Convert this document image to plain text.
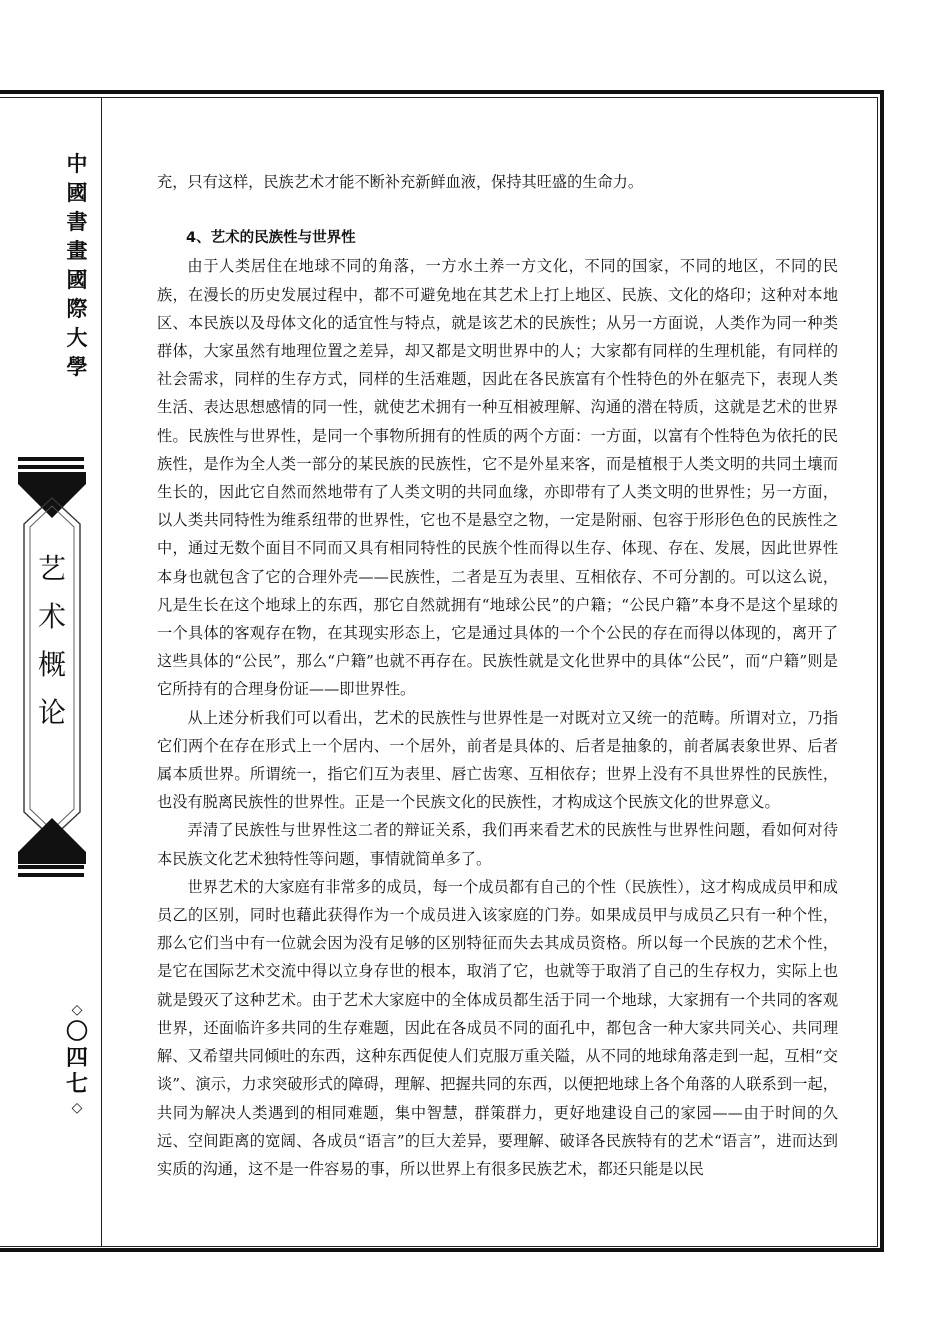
中
國
書
畫
國
際
大
學
艺
术
概
论
◇
〇
四
七
◇

充，只有这样，民族艺术才能不断补充新鲜血液，保持其旺盛的生命力。

4、艺术的民族性与世界性

由于人类居住在地球不同的角落，一方水土养一方文化，不同的国家，不同的地区，不同的民族，在漫长的历史发展过程中，都不可避免地在其艺术上打上地区、民族、文化的烙印；这种对本地区、本民族以及母体文化的适宜性与特点，就是该艺术的民族性；从另一方面说，人类作为同一种类群体，大家虽然有地理位置之差异，却又都是文明世界中的人；大家都有同样的生理机能，有同样的社会需求，同样的生存方式，同样的生活难题，因此在各民族富有个性特色的外在躯壳下，表现人类生活、表达思想感情的同一性，就使艺术拥有一种互相被理解、沟通的潜在特质，这就是艺术的世界性。民族性与世界性，是同一个事物所拥有的性质的两个方面：一方面，以富有个性特色为依托的民族性，是作为全人类一部分的某民族的民族性，它不是外星来客，而是植根于人类文明的共同土壤而生长的，因此它自然而然地带有了人类文明的共同血缘，亦即带有了人类文明的世界性；另一方面，以人类共同特性为维系纽带的世界性，它也不是悬空之物，一定是附丽、包容于形形色色的民族性之中，通过无数个面目不同而又具有相同特性的民族个性而得以生存、体现、存在、发展，因此世界性本身也就包含了它的合理外壳——民族性，二者是互为表里、互相依存、不可分割的。可以这么说，凡是生长在这个地球上的东西，那它自然就拥有“地球公民”的户籍；“公民户籍”本身不是这个星球的一个具体的客观存在物，在其现实形态上，它是通过具体的一个个公民的存在而得以体现的，离开了这些具体的“公民”，那么“户籍”也就不再存在。民族性就是文化世界中的具体“公民”，而“户籍”则是它所持有的合理身份证——即世界性。

从上述分析我们可以看出，艺术的民族性与世界性是一对既对立又统一的范畴。所谓对立，乃指它们两个在存在形式上一个居内、一个居外，前者是具体的、后者是抽象的，前者属表象世界、后者属本质世界。所谓统一，指它们互为表里、唇亡齿寒、互相依存；世界上没有不具世界性的民族性，也没有脱离民族性的世界性。正是一个民族文化的民族性，才构成这个民族文化的世界意义。

弄清了民族性与世界性这二者的辩证关系，我们再来看艺术的民族性与世界性问题，看如何对待本民族文化艺术独特性等问题，事情就简单多了。

世界艺术的大家庭有非常多的成员，每一个成员都有自己的个性（民族性），这才构成成员甲和成员乙的区别，同时也藉此获得作为一个成员进入该家庭的门券。如果成员甲与成员乙只有一种个性，那么它们当中有一位就会因为没有足够的区别特征而失去其成员资格。所以每一个民族的艺术个性，是它在国际艺术交流中得以立身存世的根本，取消了它，也就等于取消了自己的生存权力，实际上也就是毁灭了这种艺术。由于艺术大家庭中的全体成员都生活于同一个地球，大家拥有一个共同的客观世界，还面临许多共同的生存难题，因此在各成员不同的面孔中，都包含一种大家共同关心、共同理解、又希望共同倾吐的东西，这种东西促使人们克服万重关隘，从不同的地球角落走到一起，互相“交谈”、演示，力求突破形式的障碍，理解、把握共同的东西，以便把地球上各个角落的人联系到一起，共同为解决人类遇到的相同难题，集中智慧，群策群力，更好地建设自己的家园——由于时间的久远、空间距离的宽阔、各成员“语言”的巨大差异，要理解、破译各民族特有的艺术“语言”，进而达到实质的沟通，这不是一件容易的事，所以世界上有很多民族艺术，都还只能是以民
